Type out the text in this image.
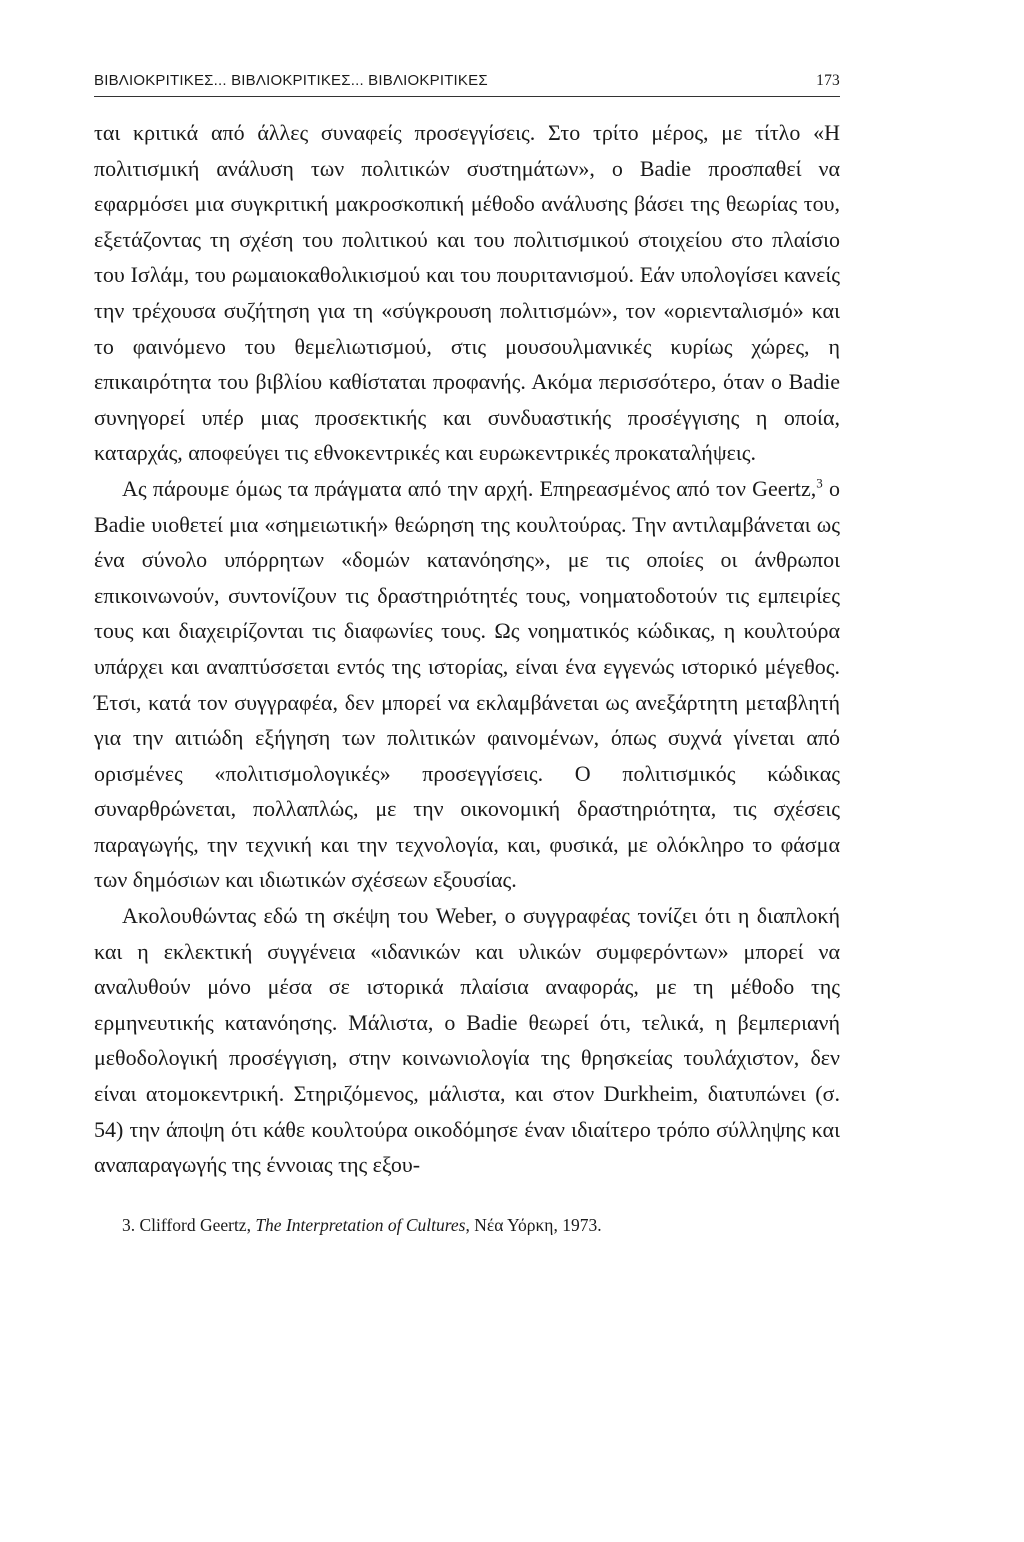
ΒΙΒΛΙΟΚΡΙΤΙΚΕΣ... ΒΙΒΛΙΟΚΡΙΤΙΚΕΣ... ΒΙΒΛΙΟΚΡΙΤΙΚΕΣ	173

ται κριτικά από άλλες συναφείς προσεγγίσεις. Στο τρίτο μέρος, με τίτλο «Η πολιτισμική ανάλυση των πολιτικών συστημάτων», ο Badie προσπαθεί να εφαρμόσει μια συγκριτική μακροσκοπική μέθοδο ανάλυσης βάσει της θεωρίας του, εξετάζοντας τη σχέση του πολιτικού και του πολιτισμικού στοιχείου στο πλαίσιο του Ισλάμ, του ρωμαιοκαθολικισμού και του πουριτανισμού. Εάν υπολογίσει κανείς την τρέχουσα συζήτηση για τη «σύγκρουση πολιτισμών», τον «οριενταλισμό» και το φαινόμενο του θεμελιωτισμού, στις μουσουλμανικές κυρίως χώρες, η επικαιρότητα του βιβλίου καθίσταται προφανής. Ακόμα περισσότερο, όταν ο Badie συνηγορεί υπέρ μιας προσεκτικής και συνδυαστικής προσέγγισης η οποία, καταρχάς, αποφεύγει τις εθνοκεντρικές και ευρωκεντρικές προκαταλήψεις.

Ας πάρουμε όμως τα πράγματα από την αρχή. Επηρεασμένος από τον Geertz,$^3$ ο Badie υιοθετεί μια «σημειωτική» θεώρηση της κουλτούρας. Την αντιλαμβάνεται ως ένα σύνολο υπόρρητων «δομών κατανόησης», με τις οποίες οι άνθρωποι επικοινωνούν, συντονίζουν τις δραστηριότητές τους, νοηματοδοτούν τις εμπειρίες τους και διαχειρίζονται τις διαφωνίες τους. Ως νοηματικός κώδικας, η κουλτούρα υπάρχει και αναπτύσσεται εντός της ιστορίας, είναι ένα εγγενώς ιστορικό μέγεθος. Έτσι, κατά τον συγγραφέα, δεν μπορεί να εκλαμβάνεται ως ανεξάρτητη μεταβλητή για την αιτιώδη εξήγηση των πολιτικών φαινομένων, όπως συχνά γίνεται από ορισμένες «πολιτισμολογικές» προσεγγίσεις. Ο πολιτισμικός κώδικας συναρθρώνεται, πολλαπλώς, με την οικονομική δραστηριότητα, τις σχέσεις παραγωγής, την τεχνική και την τεχνολογία, και, φυσικά, με ολόκληρο το φάσμα των δημόσιων και ιδιωτικών σχέσεων εξουσίας.

Ακολουθώντας εδώ τη σκέψη του Weber, ο συγγραφέας τονίζει ότι η διαπλοκή και η εκλεκτική συγγένεια «ιδανικών και υλικών συμφερόντων» μπορεί να αναλυθούν μόνο μέσα σε ιστορικά πλαίσια αναφοράς, με τη μέθοδο της ερμηνευτικής κατανόησης. Μάλιστα, ο Badie θεωρεί ότι, τελικά, η βεμπεριανή μεθοδολογική προσέγγιση, στην κοινωνιολογία της θρησκείας τουλάχιστον, δεν είναι ατομοκεντρική. Στηριζόμενος, μάλιστα, και στον Durkheim, διατυπώνει (σ. 54) την άποψη ότι κάθε κουλτούρα οικοδόμησε έναν ιδιαίτερο τρόπο σύλληψης και αναπαραγωγής της έννοιας της εξου-

3. Clifford Geertz, The Interpretation of Cultures, Νέα Υόρκη, 1973.
